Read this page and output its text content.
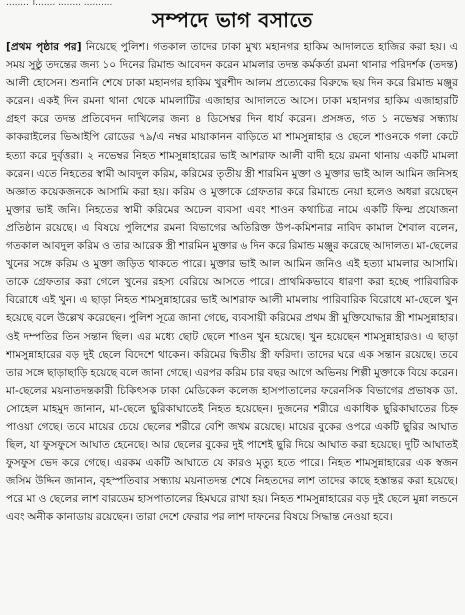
........ ।....... ........ ..........
সম্পদে ভাগ বসাতে

[প্রথম পৃষ্ঠার পর] নিয়েছে পুলিশ। গতকাল তাদের ঢাকা মুখ্য মহানগর হাকিম আদালতে হাজির করা হয়। এ সময় সুষ্ঠু তদন্তের জন্য ১০ দিনের রিমান্ড আবেদন করেন মামলার তদন্ত কর্মকর্তা রমনা থানার পরিদর্শক (তদন্ত) আলী হোসেন। শুনানি শেষে ঢাকা মহানগর হাকিম খুরশীদ আলম প্রত্যেকের বিরুদ্ধে ছয় দিন করে রিমান্ড মঞ্জুর করেন। একই দিন রমনা থানা থেকে মামলাটির এজাহার আদালতে আসে। ঢাকা মহানগর হাকিম এজাহারটি গ্রহণ করে তদন্ত প্রতিবেদন দাখিলের জন্য ৪ ডিসেম্বর দিন ধার্য করেন। প্রসঙ্গত, গত ১ নভেম্বর সন্ধ্যায় কাকরাইলের ভিআইপি রোডের ৭৯/এ নম্বর মায়াকানন বাড়িতে মা শামসুন্নাহার ও ছেলে শাওনকে গলা কেটে হত্যা করে দুর্বৃত্তরা। ২ নভেম্বর নিহত শামসুন্নাহারের ভাই আশরাফ আলী বাদী হয়ে রমনা থানায় একটি মামলা করেন। এতে নিহতের স্বামী আবদুল করিম, করিমের তৃতীয় স্ত্রী শারমিন মুক্তা ও মুক্তার ভাই আল আমিন জনিসহ অজ্ঞাত কয়েকজনকে আসামি করা হয়। করিম ও মুক্তাকে গ্রেফতার করে রিমান্ডে নেয়া হলেও অধরা রয়েছেন মুক্তার ভাই জনি। নিহতের স্বামী করিমের অঢেল ব্যবসা এবং শাওন কথাচিত্র নামে একটি ফিল্ম প্রযোজনা প্রতিষ্ঠান রয়েছে। এ বিষয়ে পুলিশের রমনা বিভাগের অতিরিক্ত উপ-কমিশনার নাবিদ কামাল শৈবাল বলেন, গতকাল আবদুল করিম ও তার আরেক স্ত্রী শারমিন মুক্তার ৬ দিন করে রিমান্ড মঞ্জুর করেছে আদালত। মা-ছেলের খুনের সঙ্গে করিম ও মুক্তা জড়িত থাকতে পারে। মুক্তার ভাই আল আমিন জনিও এই হত্যা মামলার আসামি। তাকে গ্রেফতার করা গেলে খুনের রহস্য বেরিয়ে আসতে পারে। প্রাথমিকভাবে ধারণা করা হচ্ছে পারিবারিক বিরোধে এই খুন। এ ছাড়া নিহত শামসুন্নাহারের ভাই আশরাফ আলী মামলায় পারিবারিক বিরোধে মা-ছেলে খুন হয়েছে বলে উল্লেখ করেছেন। পুলিশ সূত্রে জানা গেছে, ব্যবসায়ী করিমের প্রথম স্ত্রী মুক্তিযোদ্ধার স্ত্রী শামসুন্নাহার। ওই দম্পতির তিন সন্তান ছিল। এর মধ্যে ছোট ছেলে শাওন খুন হয়েছে। খুন হয়েছেন শামসুন্নাহারও। এ ছাড়া শামসুন্নাহারের বড় দুই ছেলে বিদেশে থাকেন। করিমের দ্বিতীয় স্ত্রী ফরিদা। তাদের ঘরে এক সন্তান রয়েছে। তবে তার সঙ্গে ছাড়াছাড়ি হয়েছে বলে জানা গেছে। এরপর করিম চার বছর আগে অভিনয় শিল্পী মুক্তাকে বিয়ে করেন। মা-ছেলের ময়নাতদন্তকারী চিকিৎসক ঢাকা মেডিকেল কলেজ হাসপাতালের ফরেনসিক বিভাগের প্রভাষক ডা. সোহেল মাহমুদ জানান, মা-ছেলে ছুরিকাঘাতেই নিহত হয়েছেন। দুজনের শরীরে একাধিক ছুরিকাঘাতের চিহ্ন পাওয়া গেছে। তবে মায়ের চেয়ে ছেলের শরীরে বেশি জখম রয়েছে। মায়ের বুকের ওপরে একটি ছুরির আঘাত ছিল, যা ফুসফুসে আঘাত হেনেছে। আর ছেলের বুকের দুই পাশেই ছুরি দিয়ে আঘাত করা হয়েছে। দুটি আঘাতই ফুসফুস ভেদ করে গেছে। এরকম একটি আঘাতে যে কারও মৃত্যু হতে পারে। নিহত শামসুন্নাহারের এক স্বজন জসিম উদ্দিন জানান, বৃহস্পতিবার সন্ধ্যায় ময়নাতদন্ত শেষে নিহতদের লাশ তাদের কাছে হস্তান্তর করা হয়েছে। পরে মা ও ছেলের লাশ বারডেম হাসপাতালের হিমঘরে রাখা হয়। নিহত শামসুন্নাহারের বড় দুই ছেলে মুন্না লন্ডনে এবং অনীক কানাডায় রয়েছেন। তারা দেশে ফেরার পর লাশ দাফনের বিষয়ে সিদ্ধান্ত নেওয়া হবে।
